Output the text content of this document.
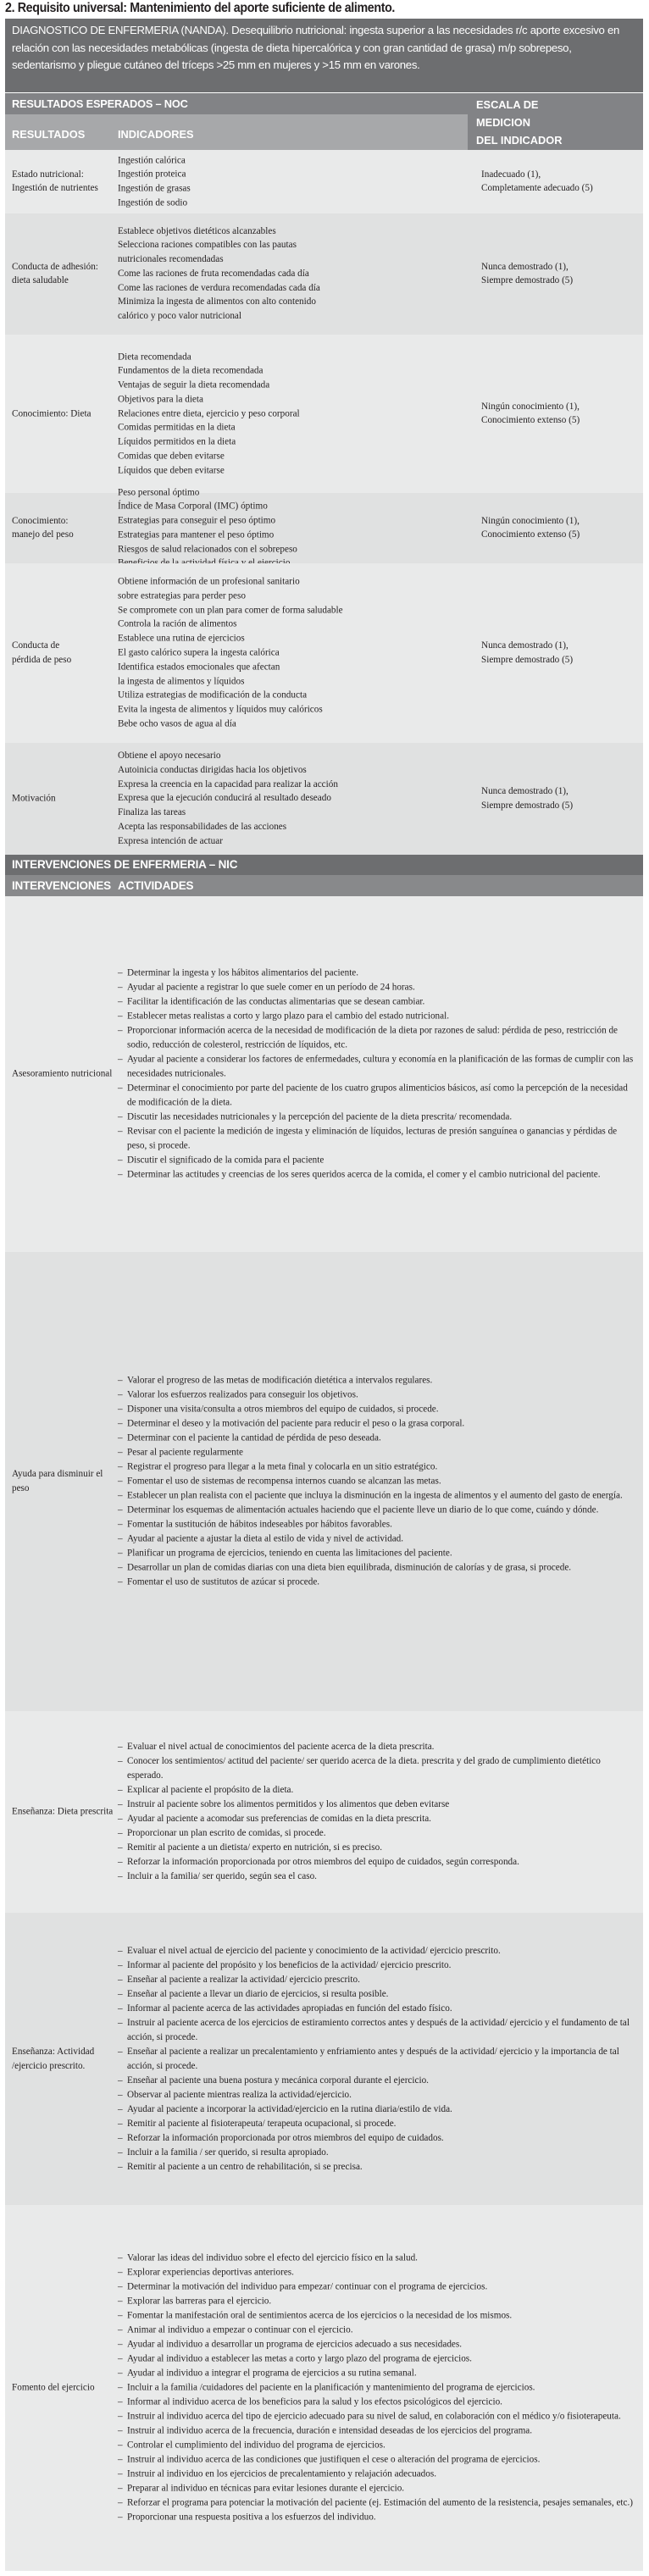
2. Requisito universal: Mantenimiento del aporte suficiente de alimento.
DIAGNOSTICO DE ENFERMERIA (NANDA). Desequilibrio nutricional: ingesta superior a las necesidades r/c aporte excesivo en relación con las necesidades metabólicas (ingesta de dieta hipercalórica y con gran cantidad de grasa) m/p sobrepeso, sedentarismo y pliegue cutáneo del tríceps >25 mm en mujeres y >15 mm en varones.
RESULTADOS ESPERADOS – NOC
RESULTADOS	INDICADORES
ESCALA DE
MEDICION
DEL INDICADOR
Estado nutricional:
Ingestión de nutrientes
Ingestión calórica
Ingestión proteica
Ingestión de grasas
Ingestión de sodio
Inadecuado (1),
Completamente adecuado (5)
Conducta de adhesión:
dieta saludable
Establece objetivos dietéticos alcanzables
Selecciona raciones compatibles con las pautas
nutricionales recomendadas
Come las raciones de fruta recomendadas cada día
Come las raciones de verdura recomendadas cada día
Minimiza la ingesta de alimentos con alto contenido
calórico y poco valor nutricional
Nunca demostrado (1),
Siempre demostrado (5)
Conocimiento: Dieta
Dieta recomendada
Fundamentos de la dieta recomendada
Ventajas de seguir la dieta recomendada
Objetivos para la dieta
Relaciones entre dieta, ejercicio y peso corporal
Comidas permitidas en la dieta
Líquidos permitidos en la dieta
Comidas que deben evitarse
Líquidos que deben evitarse
Ningún conocimiento (1),
Conocimiento extenso (5)
Conocimiento:
manejo del peso
Peso personal óptimo
Índice de Masa Corporal (IMC) óptimo
Estrategias para conseguir el peso óptimo
Estrategias para mantener el peso óptimo
Riesgos de salud relacionados con el sobrepeso
Ningún conocimiento (1),
Conocimiento extenso (5)
Conducta de
pérdida de peso
Obtiene información de un profesional sanitario
sobre estrategias para perder peso
Se compromete con un plan para comer de forma saludable
Controla la ración de alimentos
Establece una rutina de ejercicios
El gasto calórico supera la ingesta calórica
Identifica estados emocionales que afectan
la ingesta de alimentos y líquidos
Utiliza estrategias de modificación de la conducta
Evita la ingesta de alimentos y líquidos muy calóricos
Bebe ocho vasos de agua al día
Nunca demostrado (1),
Siempre demostrado (5)
Motivación
Obtiene el apoyo necesario
Autoinicia conductas dirigidas hacia los objetivos
Expresa la creencia en la capacidad para realizar la acción
Expresa que la ejecución conducirá al resultado deseado
Finaliza las tareas
Acepta las responsabilidades de las acciones
Expresa intención de actuar
Nunca demostrado (1),
Siempre demostrado (5)
INTERVENCIONES DE ENFERMERIA – NIC
INTERVENCIONES ACTIVIDADES
Asesoramiento nutricional
– Determinar la ingesta y los hábitos alimentarios del paciente.
– Ayudar al paciente a registrar lo que suele comer en un período de 24 horas.
– Facilitar la identificación de las conductas alimentarias que se desean cambiar.
– Establecer metas realistas a corto y largo plazo para el cambio del estado nutricional.
– Proporcionar información acerca de la necesidad de modificación de la dieta por razones de salud: pérdida de peso, restricción de sodio, reducción de colesterol, restricción de líquidos, etc.
– Ayudar al paciente a considerar los factores de enfermedades, cultura y economía en la planificación de las formas de cumplir con las necesidades nutricionales.
– Determinar el conocimiento por parte del paciente de los cuatro grupos alimenticios básicos, así como la percepción de la necesidad de modificación de la dieta.
– Discutir las necesidades nutricionales y la percepción del paciente de la dieta prescrita/ recomendada.
– Revisar con el paciente la medición de ingesta y eliminación de líquidos, lecturas de presión sanguínea o ganancias y pérdidas de peso, si procede.
– Discutir el significado de la comida para el paciente
– Determinar las actitudes y creencias de los seres queridos acerca de la comida, el comer y el cambio nutricional del paciente.
Ayuda para disminuir el peso
– Valorar el progreso de las metas de modificación dietética a intervalos regulares.
– Valorar los esfuerzos realizados para conseguir los objetivos.
– Disponer una visita/consulta a otros miembros del equipo de cuidados, si procede.
– Determinar el deseo y la motivación del paciente para reducir el peso o la grasa corporal.
– Determinar con el paciente la cantidad de pérdida de peso deseada.
– Pesar al paciente regularmente
– Registrar el progreso para llegar a la meta final y colocarla en un sitio estratégico.
– Fomentar el uso de sistemas de recompensa internos cuando se alcanzan las metas.
– Establecer un plan realista con el paciente que incluya la disminución en la ingesta de alimentos y el aumento del gasto de energía.
– Determinar los esquemas de alimentación actuales haciendo que el paciente lleve un diario de lo que come, cuándo y dónde.
– Fomentar la sustitución de hábitos indeseables por hábitos favorables.
– Ayudar al paciente a ajustar la dieta al estilo de vida y nivel de actividad.
– Planificar un programa de ejercicios, teniendo en cuenta las limitaciones del paciente.
– Desarrollar un plan de comidas diarias con una dieta bien equilibrada, disminución de calorías y de grasa, si procede.
– Fomentar el uso de sustitutos de azúcar si procede.
Enseñanza: Dieta prescrita
– Evaluar el nivel actual de conocimientos del paciente acerca de la dieta prescrita.
– Conocer los sentimientos/ actitud del paciente/ ser querido acerca de la dieta. prescrita y del grado de cumplimiento dietético esperado.
– Explicar al paciente el propósito de la dieta.
– Instruir al paciente sobre los alimentos permitidos y los alimentos que deben evitarse
– Ayudar al paciente a acomodar sus preferencias de comidas en la dieta prescrita.
– Proporcionar un plan escrito de comidas, si procede.
– Remitir al paciente a un dietista/ experto en nutrición, si es preciso.
– Reforzar la información proporcionada por otros miembros del equipo de cuidados, según corresponda.
– Incluir a la familia/ ser querido, según sea el caso.
Enseñanza: Actividad
/ejercicio prescrito.
– Evaluar el nivel actual de ejercicio del paciente y conocimiento de la actividad/ ejercicio prescrito.
– Informar al paciente del propósito y los beneficios de la actividad/ ejercicio prescrito.
– Enseñar al paciente a realizar la actividad/ ejercicio prescrito.
– Enseñar al paciente a llevar un diario de ejercicios, si resulta posible.
– Informar al paciente acerca de las actividades apropiadas en función del estado físico.
– Instruir al paciente acerca de los ejercicios de estiramiento correctos antes y después de la actividad/ ejercicio y el fundamento de tal acción, si procede.
– Enseñar al paciente a realizar un precalentamiento y enfriamiento antes y después de la actividad/ ejercicio y la importancia de tal acción, si procede.
– Enseñar al paciente una buena postura y mecánica corporal durante el ejercicio.
– Observar al paciente mientras realiza la actividad/ejercicio.
– Ayudar al paciente a incorporar la actividad/ejercicio en la rutina diaria/estilo de vida.
– Remitir al paciente al fisioterapeuta/ terapeuta ocupacional, si procede.
– Reforzar la información proporcionada por otros miembros del equipo de cuidados.
– Incluir a la familia / ser querido, si resulta apropiado.
– Remitir al paciente a un centro de rehabilitación, si se precisa.
Fomento del ejercicio
– Valorar las ideas del individuo sobre el efecto del ejercicio físico en la salud.
– Explorar experiencias deportivas anteriores.
– Determinar la motivación del individuo para empezar/ continuar con el programa de ejercicios.
– Explorar las barreras para el ejercicio.
– Fomentar la manifestación oral de sentimientos acerca de los ejercicios o la necesidad de los mismos.
– Animar al individuo a empezar o continuar con el ejercicio.
– Ayudar al individuo a desarrollar un programa de ejercicios adecuado a sus necesidades.
– Ayudar al individuo a establecer las metas a corto y largo plazo del programa de ejercicios.
– Ayudar al individuo a integrar el programa de ejercicios a su rutina semanal.
– Incluir a la familia /cuidadores del paciente en la planificación y mantenimiento del programa de ejercicios.
– Informar al individuo acerca de los beneficios para la salud y los efectos psicológicos del ejercicio.
– Instruir al individuo acerca del tipo de ejercicio adecuado para su nivel de salud, en colaboración con el médico y/o fisioterapeuta.
– Instruir al individuo acerca de la frecuencia, duración e intensidad deseadas de los ejercicios del programa.
– Controlar el cumplimiento del individuo del programa de ejercicios.
– Instruir al individuo acerca de las condiciones que justifiquen el cese o alteración del programa de ejercicios.
– Instruir al individuo en los ejercicios de precalentamiento y relajación adecuados.
– Preparar al individuo en técnicas para evitar lesiones durante el ejercicio.
– Reforzar el programa para potenciar la motivación del paciente (ej. Estimación del aumento de la resistencia, pesajes semanales, etc.)
– Proporcionar una respuesta positiva a los esfuerzos del individuo.
